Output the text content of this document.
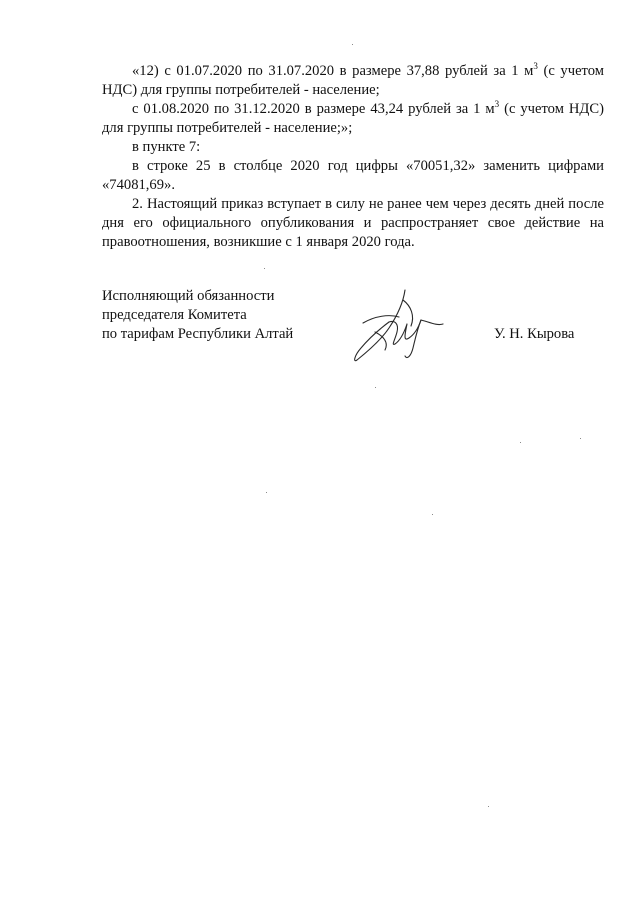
«12) с 01.07.2020 по 31.07.2020 в размере 37,88 рублей за 1 $м^3$ (с учетом НДС) для группы потребителей - население;

с 01.08.2020 по 31.12.2020 в размере 43,24 рублей за 1 $м^3$ (с учетом НДС) для группы потребителей - население;»;

в пункте 7:

в строке 25 в столбце 2020 год цифры «70051,32» заменить цифрами «74081,69».

2. Настоящий приказ вступает в силу не ранее чем через десять дней после дня его официального опубликования и распространяет свое действие на правоотношения, возникшие с 1 января 2020 года.

Исполняющий обязанности
председателя Комитета
по тарифам Республики Алтай	У. Н. Кырова
